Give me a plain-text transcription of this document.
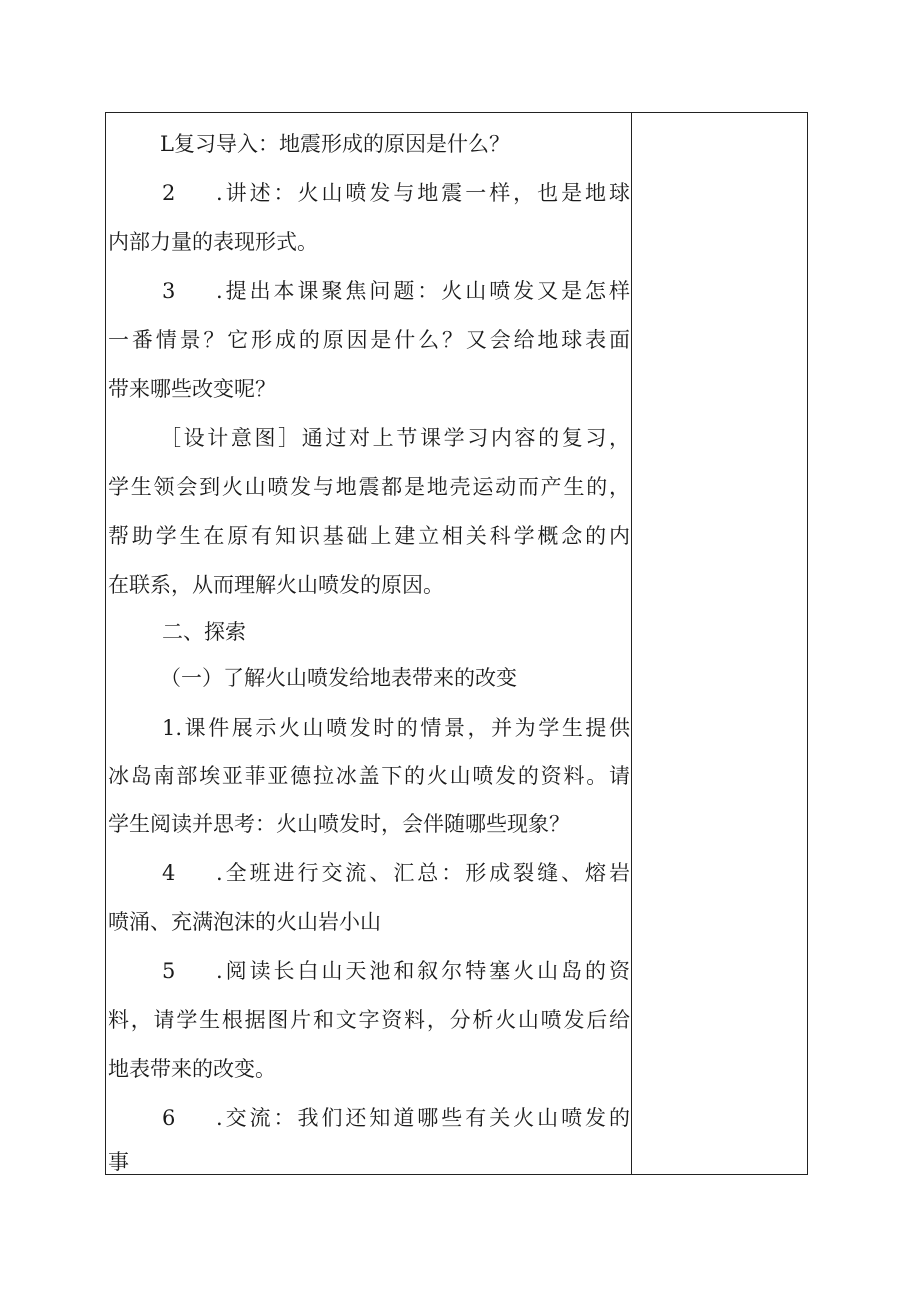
L复习导入：地震形成的原因是什么？
2 .讲述：火山喷发与地震一样，也是地球
内部力量的表现形式。
3 .提出本课聚焦问题：火山喷发又是怎样
一番情景？它形成的原因是什么？又会给地球表面
带来哪些改变呢？
［设计意图］通过对上节课学习内容的复习，
学生领会到火山喷发与地震都是地壳运动而产生的，
帮助学生在原有知识基础上建立相关科学概念的内
在联系，从而理解火山喷发的原因。
二、探索
（一）了解火山喷发给地表带来的改变
1.课件展示火山喷发时的情景，并为学生提供
冰岛南部埃亚菲亚德拉冰盖下的火山喷发的资料。请
学生阅读并思考：火山喷发时，会伴随哪些现象？
4 .全班进行交流、汇总：形成裂缝、熔岩
喷涌、充满泡沫的火山岩小山
5 .阅读长白山天池和叙尔特塞火山岛的资
料，请学生根据图片和文字资料，分析火山喷发后给
地表带来的改变。
6 .交流：我们还知道哪些有关火山喷发的
事
